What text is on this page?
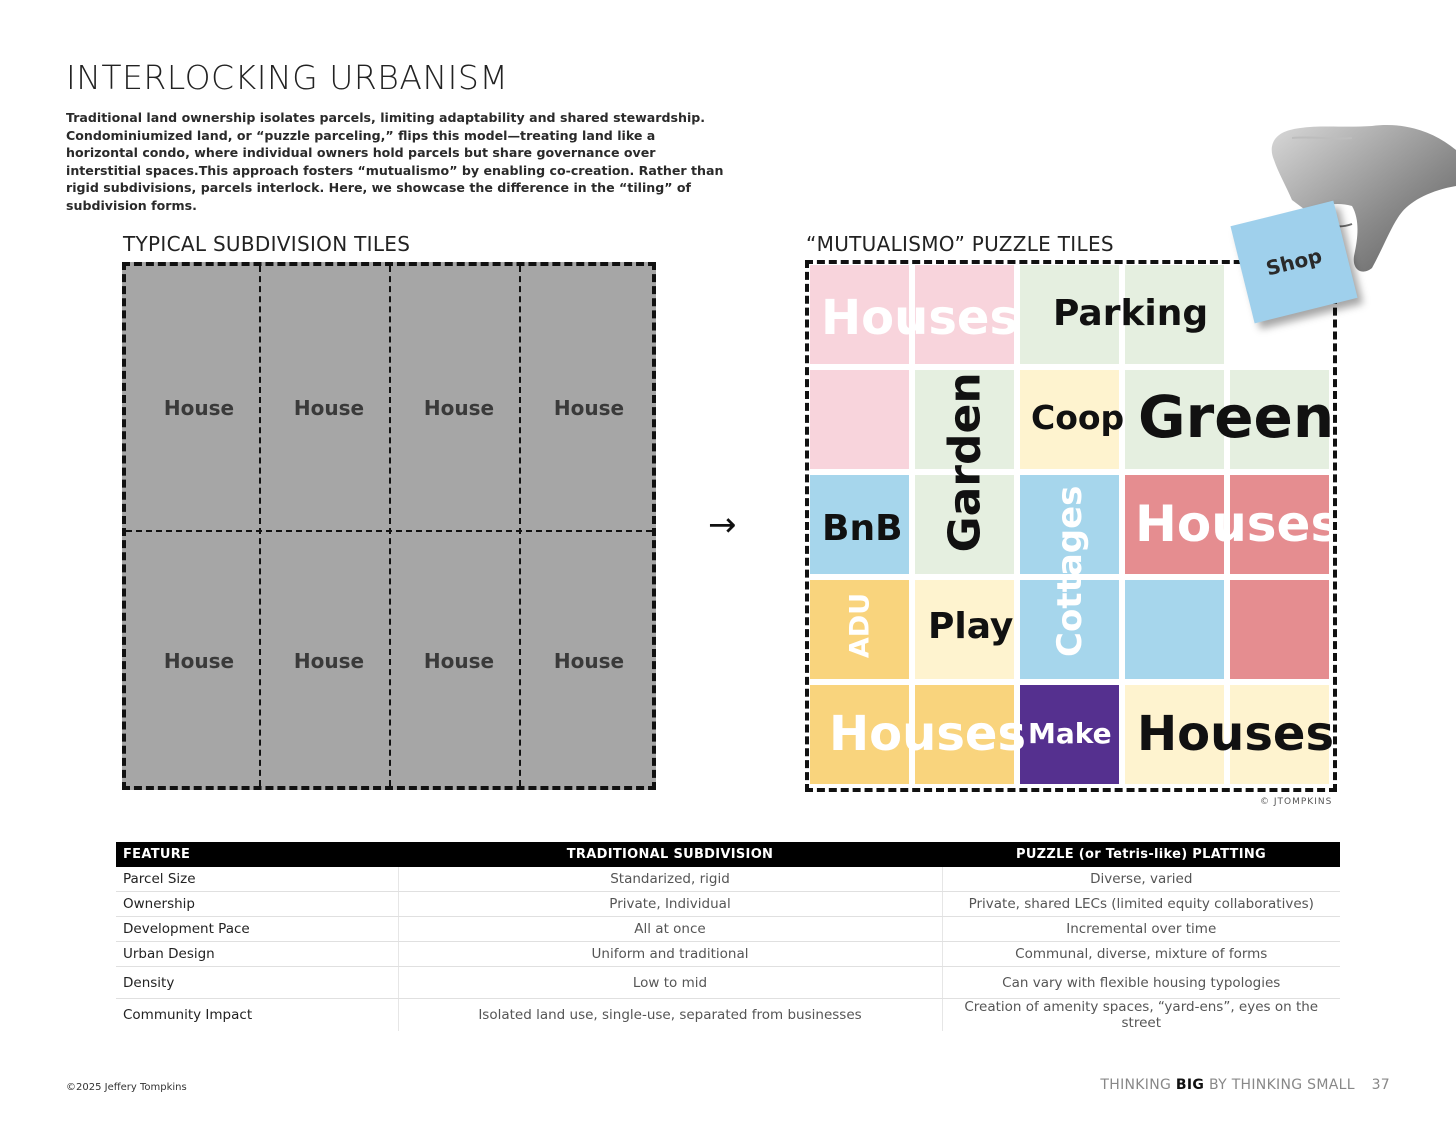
INTERLOCKING URBANISM

Traditional land ownership isolates parcels, limiting adaptability and shared stewardship. Condominiumized land, or “puzzle parceling,” flips this model—treating land like a horizontal condo, where individual owners hold parcels but share governance over interstitial spaces.This approach fosters “mutualismo” by enabling co-creation. Rather than rigid subdivisions, parcels interlock. Here, we showcase the difference in the “tiling” of subdivision forms.

TYPICAL SUBDIVISION TILES	“MUTUALISMO” PUZZLE TILES
House	House	House	House
House	House	House	House
→
Houses Parking
Coop Green
Garden
BnB	Cottages Houses
ADU Play
Houses Make Houses
© JTOMPKINS
Shop
FEATURE	TRADITIONAL SUBDIVISION	PUZZLE (or Tetris-like) PLATTING
Parcel Size	Standarized, rigid	Diverse, varied
Ownership	Private, Individual	Private, shared LECs (limited equity collaboratives)
Development Pace	All at once	Incremental over time
Urban Design	Uniform and traditional	Communal, diverse, mixture of forms
Density	Low to mid	Can vary with flexible housing typologies
Community Impact	Isolated land use, single-use, separated from businesses	Creation of amenity spaces, “yard-ens”, eyes on the street
©2025 Jeffery Tompkins	THINKING BIG BY THINKING SMALL 37
